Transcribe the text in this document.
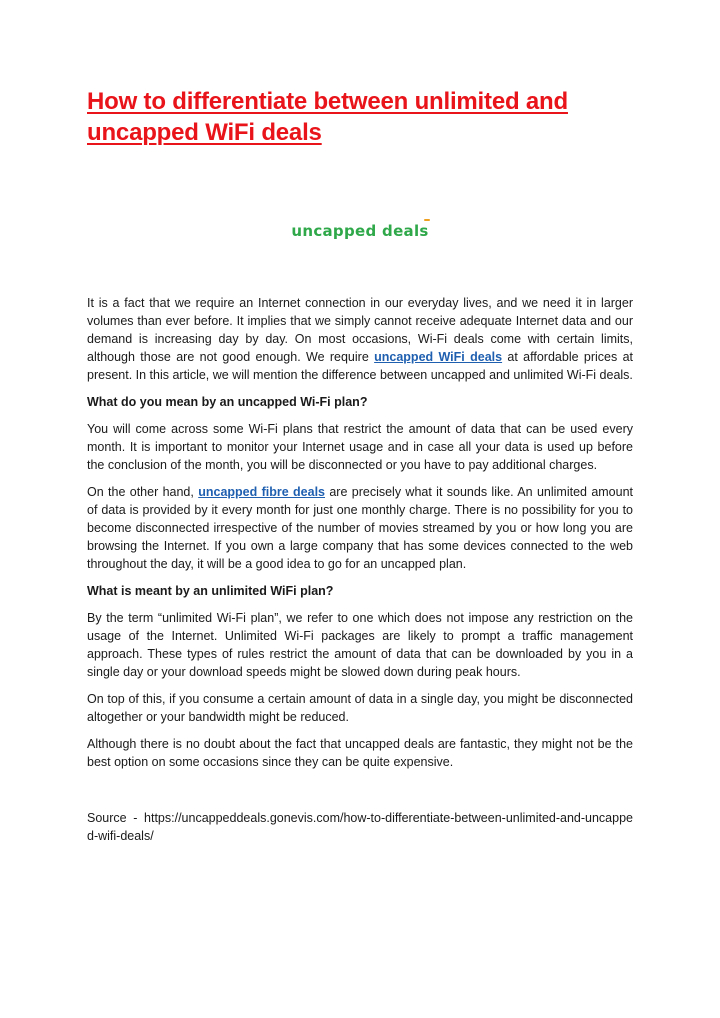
How to differentiate between unlimited and uncapped WiFi deals
uncapped deals

It is a fact that we require an Internet connection in our everyday lives, and we need it in larger volumes than ever before. It implies that we simply cannot receive adequate Internet data and our demand is increasing day by day. On most occasions, Wi-Fi deals come with certain limits, although those are not good enough. We require uncapped WiFi deals at affordable prices at present. In this article, we will mention the difference between uncapped and unlimited Wi-Fi deals.

What do you mean by an uncapped Wi-Fi plan?

You will come across some Wi-Fi plans that restrict the amount of data that can be used every month. It is important to monitor your Internet usage and in case all your data is used up before the conclusion of the month, you will be disconnected or you have to pay additional charges.

On the other hand, uncapped fibre deals are precisely what it sounds like. An unlimited amount of data is provided by it every month for just one monthly charge. There is no possibility for you to become disconnected irrespective of the number of movies streamed by you or how long you are browsing the Internet. If you own a large company that has some devices connected to the web throughout the day, it will be a good idea to go for an uncapped plan.

What is meant by an unlimited WiFi plan?

By the term “unlimited Wi-Fi plan”, we refer to one which does not impose any restriction on the usage of the Internet. Unlimited Wi-Fi packages are likely to prompt a traffic management approach. These types of rules restrict the amount of data that can be downloaded by you in a single day or your download speeds might be slowed down during peak hours.

On top of this, if you consume a certain amount of data in a single day, you might be disconnected altogether or your bandwidth might be reduced.

Although there is no doubt about the fact that uncapped deals are fantastic, they might not be the best option on some occasions since they can be quite expensive.

Source - https://uncappeddeals.gonevis.com/how-to-differentiate-between-unlimited-and-uncapped-wifi-deals/
